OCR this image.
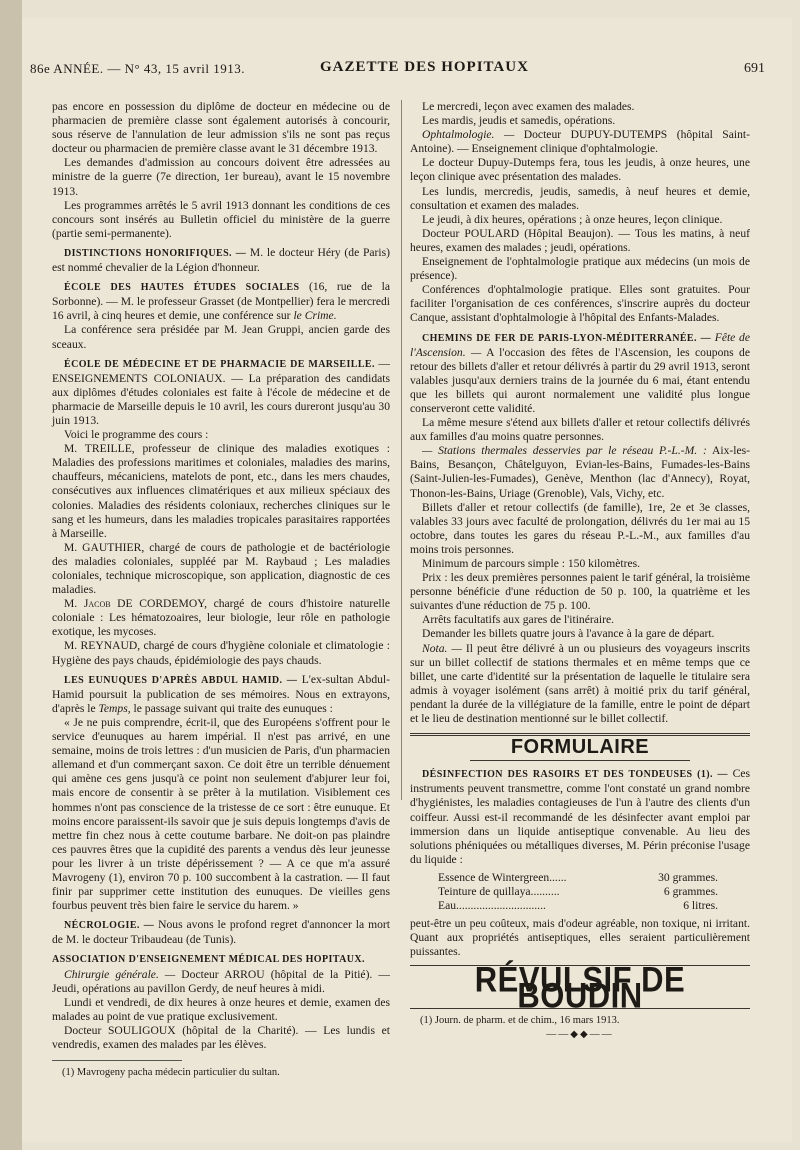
86e ANNÉE. — N° 43, 15 avril 1913.	GAZETTE DES HOPITAUX	691

pas encore en possession du diplôme de docteur en médecine ou de pharmacien de première classe sont également autorisés à concourir, sous réserve de l'annulation de leur admission s'ils ne sont pas reçus docteur ou pharmacien de première classe avant le 31 décembre 1913.

Les demandes d'admission au concours doivent être adressées au ministre de la guerre (7e direction, 1er bureau), avant le 15 novembre 1913.

Les programmes arrêtés le 5 avril 1913 donnant les conditions de ces concours sont insérés au Bulletin officiel du ministère de la guerre (partie semi-permanente).

DISTINCTIONS HONORIFIQUES. — M. le docteur Héry (de Paris) est nommé chevalier de la Légion d'honneur.

ÉCOLE DES HAUTES ÉTUDES SOCIALES (16, rue de la Sorbonne). — M. le professeur Grasset (de Montpellier) fera le mercredi 16 avril, à cinq heures et demie, une conférence sur le Crime.

La conférence sera présidée par M. Jean Gruppi, ancien garde des sceaux.

ÉCOLE DE MÉDECINE ET DE PHARMACIE DE MARSEILLE. — ENSEIGNEMENTS COLONIAUX. — La préparation des candidats aux diplômes d'études coloniales est faite à l'école de médecine et de pharmacie de Marseille depuis le 10 avril, les cours dureront jusqu'au 30 juin 1913.

Voici le programme des cours :

M. TREILLE, professeur de clinique des maladies exotiques : Maladies des professions maritimes et coloniales, maladies des marins, chauffeurs, mécaniciens, matelots de pont, etc., dans les mers chaudes, consécutives aux influences climatériques et aux milieux spéciaux des colonies. Maladies des résidents coloniaux, recherches cliniques sur le sang et les humeurs, dans les maladies tropicales parasitaires rapportées à Marseille.

M. GAUTHIER, chargé de cours de pathologie et de bactériologie des maladies coloniales, suppléé par M. Raybaud ; Les maladies coloniales, technique microscopique, son application, diagnostic de ces maladies.

M. Jacob DE CORDEMOY, chargé de cours d'histoire naturelle coloniale : Les hématozoaires, leur biologie, leur rôle en pathologie exotique, les mycoses.

M. REYNAUD, chargé de cours d'hygiène coloniale et climatologie : Hygiène des pays chauds, épidémiologie des pays chauds.

LES EUNUQUES D'APRÈS ABDUL HAMID. — L'ex-sultan Abdul-Hamid poursuit la publication de ses mémoires. Nous en extrayons, d'après le Temps, le passage suivant qui traite des eunuques :

« Je ne puis comprendre, écrit-il, que des Européens s'offrent pour le service d'eunuques au harem impérial. Il n'est pas arrivé, en une semaine, moins de trois lettres : d'un musicien de Paris, d'un pharmacien allemand et d'un commerçant saxon. Ce doit être un terrible dénuement qui amène ces gens jusqu'à ce point non seulement d'abjurer leur foi, mais encore de consentir à se prêter à la mutilation. Visiblement ces hommes n'ont pas conscience de la tristesse de ce sort : être eunuque. Et moins encore paraissent-ils savoir que je suis depuis longtemps d'avis de mettre fin chez nous à cette coutume barbare. Ne doit-on pas plaindre ces pauvres êtres que la cupidité des parents a vendus dès leur jeunesse pour les livrer à un triste dépérissement ? — A ce que m'a assuré Mavrogeny (1), environ 70 p. 100 succombent à la castration. — Il faut finir par supprimer cette institution des eunuques. De vieilles gens fourbus peuvent très bien faire le service du harem. »

NÉCROLOGIE. — Nous avons le profond regret d'annoncer la mort de M. le docteur Tribaudeau (de Tunis).

ASSOCIATION D'ENSEIGNEMENT MÉDICAL DES HOPITAUX.

Chirurgie générale. — Docteur ARROU (hôpital de la Pitié). — Jeudi, opérations au pavillon Gerdy, de neuf heures à midi.

Lundi et vendredi, de dix heures à onze heures et demie, examen des malades au point de vue pratique exclusivement.

Docteur SOULIGOUX (hôpital de la Charité). — Les lundis et vendredis, examen des malades par les élèves.

(1) Mavrogeny pacha médecin particulier du sultan.

Le mercredi, leçon avec examen des malades.

Les mardis, jeudis et samedis, opérations.

Ophtalmologie. — Docteur DUPUY-DUTEMPS (hôpital Saint-Antoine). — Enseignement clinique d'ophtalmologie.

Le docteur Dupuy-Dutemps fera, tous les jeudis, à onze heures, une leçon clinique avec présentation des malades.

Les lundis, mercredis, jeudis, samedis, à neuf heures et demie, consultation et examen des malades.

Le jeudi, à dix heures, opérations ; à onze heures, leçon clinique.

Docteur POULARD (Hôpital Beaujon). — Tous les matins, à neuf heures, examen des malades ; jeudi, opérations.

Enseignement de l'ophtalmologie pratique aux médecins (un mois de présence).

Conférences d'ophtalmologie pratique. Elles sont gratuites. Pour faciliter l'organisation de ces conférences, s'inscrire auprès du docteur Canque, assistant d'ophtalmologie à l'hôpital des Enfants-Malades.

CHEMINS DE FER DE PARIS-LYON-MÉDITERRANÉE. — Fête de l'Ascension. — A l'occasion des fêtes de l'Ascension, les coupons de retour des billets d'aller et retour délivrés à partir du 29 avril 1913, seront valables jusqu'aux derniers trains de la journée du 6 mai, étant entendu que les billets qui auront normalement une validité plus longue conserveront cette validité.

La même mesure s'étend aux billets d'aller et retour collectifs délivrés aux familles d'au moins quatre personnes.

— Stations thermales desservies par le réseau P.-L.-M. : Aix-les-Bains, Besançon, Châtelguyon, Evian-les-Bains, Fumades-les-Bains (Saint-Julien-les-Fumades), Genève, Menthon (lac d'Annecy), Royat, Thonon-les-Bains, Uriage (Grenoble), Vals, Vichy, etc.

Billets d'aller et retour collectifs (de famille), 1re, 2e et 3e classes, valables 33 jours avec faculté de prolongation, délivrés du 1er mai au 15 octobre, dans toutes les gares du réseau P.-L.-M., aux familles d'au moins trois personnes.

Minimum de parcours simple : 150 kilomètres.

Prix : les deux premières personnes paient le tarif général, la troisième personne bénéficie d'une réduction de 50 p. 100, la quatrième et les suivantes d'une réduction de 75 p. 100.

Arrêts facultatifs aux gares de l'itinéraire.

Demander les billets quatre jours à l'avance à la gare de départ.

Nota. — Il peut être délivré à un ou plusieurs des voyageurs inscrits sur un billet collectif de stations thermales et en même temps que ce billet, une carte d'identité sur la présentation de laquelle le titulaire sera admis à voyager isolément (sans arrêt) à moitié prix du tarif général, pendant la durée de la villégiature de la famille, entre le point de départ et le lieu de destination mentionné sur le billet collectif.

FORMULAIRE

DÉSINFECTION DES RASOIRS ET DES TONDEUSES (1). — Ces instruments peuvent transmettre, comme l'ont constaté un grand nombre d'hygiénistes, les maladies contagieuses de l'un à l'autre des clients d'un coiffeur. Aussi est-il recommandé de les désinfecter avant emploi par immersion dans un liquide antiseptique convenable. Au lieu des solutions phéniquées ou métalliques diverses, M. Périn préconise l'usage du liquide :

Essence de Wintergreen......	30 grammes.
Teinture de quillaya..........	6 grammes.
Eau...............................	6 litres.

peut-être un peu coûteux, mais d'odeur agréable, non toxique, ni irritant. Quant aux propriétés antiseptiques, elles seraient particulièrement puissantes.

RÉVULSIF DE BOUDIN

(1) Journ. de pharm. et de chim., 16 mars 1913.

——◆◆——
